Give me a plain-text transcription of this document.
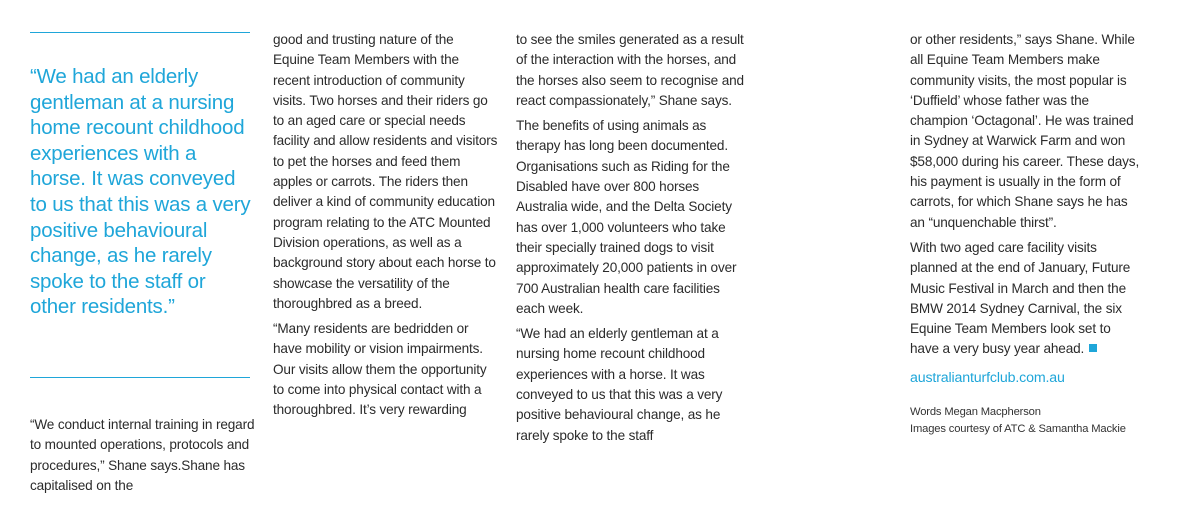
“We had an elderly gentleman at a nursing home recount childhood experiences with a horse. It was conveyed to us that this was a very positive behavioural change, as he rarely spoke to the staff or other residents.”

“We conduct internal training in regard to mounted operations, protocols and procedures,” Shane says.Shane has capitalised on the

good and trusting nature of the Equine Team Members with the recent introduction of community visits. Two horses and their riders go to an aged care or special needs facility and allow residents and visitors to pet the horses and feed them apples or carrots. The riders then deliver a kind of community education program relating to the ATC Mounted Division operations, as well as a background story about each horse to showcase the versatility of the thoroughbred as a breed.

“Many residents are bedridden or have mobility or vision impairments. Our visits allow them the opportunity to come into physical contact with a thoroughbred. It’s very rewarding

to see the smiles generated as a result of the interaction with the horses, and the horses also seem to recognise and react compassionately,” Shane says.

The benefits of using animals as therapy has long been documented. Organisations such as Riding for the Disabled have over 800 horses Australia wide, and the Delta Society has over 1,000 volunteers who take their specially trained dogs to visit approximately 20,000 patients in over 700 Australian health care facilities each week.

“We had an elderly gentleman at a nursing home recount childhood experiences with a horse. It was conveyed to us that this was a very positive behavioural change, as he rarely spoke to the staff

or other residents,” says Shane. While all Equine Team Members make community visits, the most popular is ‘Duffield’ whose father was the champion ‘Octagonal’. He was trained in Sydney at Warwick Farm and won $58,000 during his career. These days, his payment is usually in the form of carrots, for which Shane says he has an “unquenchable thirst”.

With two aged care facility visits planned at the end of January, Future Music Festival in March and then the BMW 2014 Sydney Carnival, the six Equine Team Members look set to have a very busy year ahead.

australianturfclub.com.au
Words Megan Macpherson
Images courtesy of ATC & Samantha Mackie
